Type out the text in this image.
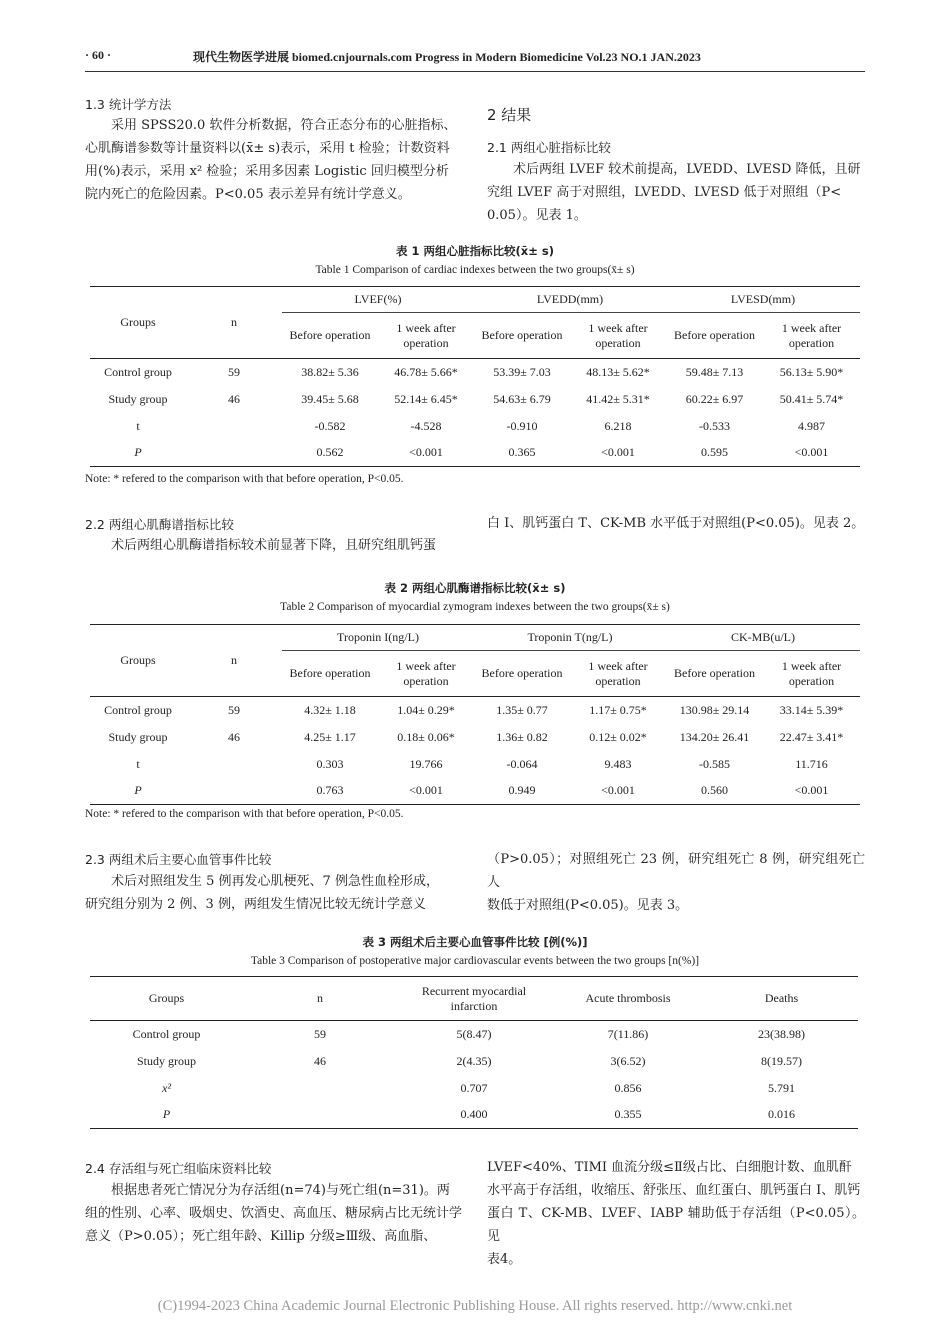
· 60 ·	现代生物医学进展 biomed.cnjournals.com Progress in Modern Biomedicine Vol.23 NO.1 JAN.2023
1.3 统计学方法
采用 SPSS20.0 软件分析数据，符合正态分布的心脏指标、
心肌酶谱参数等计量资料以(x̄± s)表示，采用 t 检验；计数资料
用(%)表示，采用 x² 检验；采用多因素 Logistic 回归模型分析
院内死亡的危险因素。P<0.05 表示差异有统计学意义。
2 结果
2.1 两组心脏指标比较
术后两组 LVEF 较术前提高，LVEDD、LVESD 降低，且研
究组 LVEF 高于对照组，LVEDD、LVESD 低于对照组（P<
0.05）。见表 1。
表 1 两组心脏指标比较(x̄± s)
Table 1 Comparison of cardiac indexes between the two groups(x̄± s)
Groups	n	LVEF(%)		LVEDD(mm)		LVESD(mm)	
		Before operation	1 week after
operation	Before operation	1 week after
operation	Before operation	1 week after
operation
Control group	59	38.82± 5.36	46.78± 5.66*	53.39± 7.03	48.13± 5.62*	59.48± 7.13	56.13± 5.90*
Study group	46	39.45± 5.68	52.14± 6.45*	54.63± 6.79	41.42± 5.31*	60.22± 6.97	50.41± 5.74*
t		-0.582	-4.528	-0.910	6.218	-0.533	4.987
P		0.562	<0.001	0.365	<0.001	0.595	<0.001
Note: * refered to the comparison with that before operation, P<0.05.
2.2 两组心肌酶谱指标比较
术后两组心肌酶谱指标较术前显著下降，且研究组肌钙蛋
白 I、肌钙蛋白 T、CK-MB 水平低于对照组(P<0.05)。见表 2。
表 2 两组心肌酶谱指标比较(x̄± s)
Table 2 Comparison of myocardial zymogram indexes between the two groups(x̄± s)
Groups	n	Troponin I(ng/L)		Troponin T(ng/L)		CK-MB(u/L)	
		Before operation	1 week after
operation	Before operation	1 week after
operation	Before operation	1 week after
operation
Control group	59	4.32± 1.18	1.04± 0.29*	1.35± 0.77	1.17± 0.75*	130.98± 29.14	33.14± 5.39*
Study group	46	4.25± 1.17	0.18± 0.06*	1.36± 0.82	0.12± 0.02*	134.20± 26.41	22.47± 3.41*
t		0.303	19.766	-0.064	9.483	-0.585	11.716
P		0.763	<0.001	0.949	<0.001	0.560	<0.001
Note: * refered to the comparison with that before operation, P<0.05.
2.3 两组术后主要心血管事件比较
术后对照组发生 5 例再发心肌梗死、7 例急性血栓形成，
研究组分别为 2 例、3 例，两组发生情况比较无统计学意义
（P>0.05）；对照组死亡 23 例，研究组死亡 8 例，研究组死亡人
数低于对照组(P<0.05)。见表 3。
表 3 两组术后主要心血管事件比较 [例(%)]
Table 3 Comparison of postoperative major cardiovascular events between the two groups [n(%)]
Groups	n	Recurrent myocardial
infarction	Acute thrombosis	Deaths
Control group	59	5(8.47)	7(11.86)	23(38.98)
Study group	46	2(4.35)	3(6.52)	8(19.57)
x²		0.707	0.856	5.791
P		0.400	0.355	0.016
2.4 存活组与死亡组临床资料比较
根据患者死亡情况分为存活组(n=74)与死亡组(n=31)。两
组的性别、心率、吸烟史、饮酒史、高血压、糖尿病占比无统计学
意义（P>0.05）；死亡组年龄、Killip 分级≥Ⅲ级、高血脂、
LVEF<40%、TIMI 血流分级≤Ⅱ级占比、白细胞计数、血肌酐
水平高于存活组，收缩压、舒张压、血红蛋白、肌钙蛋白 I、肌钙
蛋白 T、CK-MB、LVEF、IABP 辅助低于存活组（P<0.05）。见
表4。
(C)1994-2023 China Academic Journal Electronic Publishing House. All rights reserved. http://www.cnki.net
